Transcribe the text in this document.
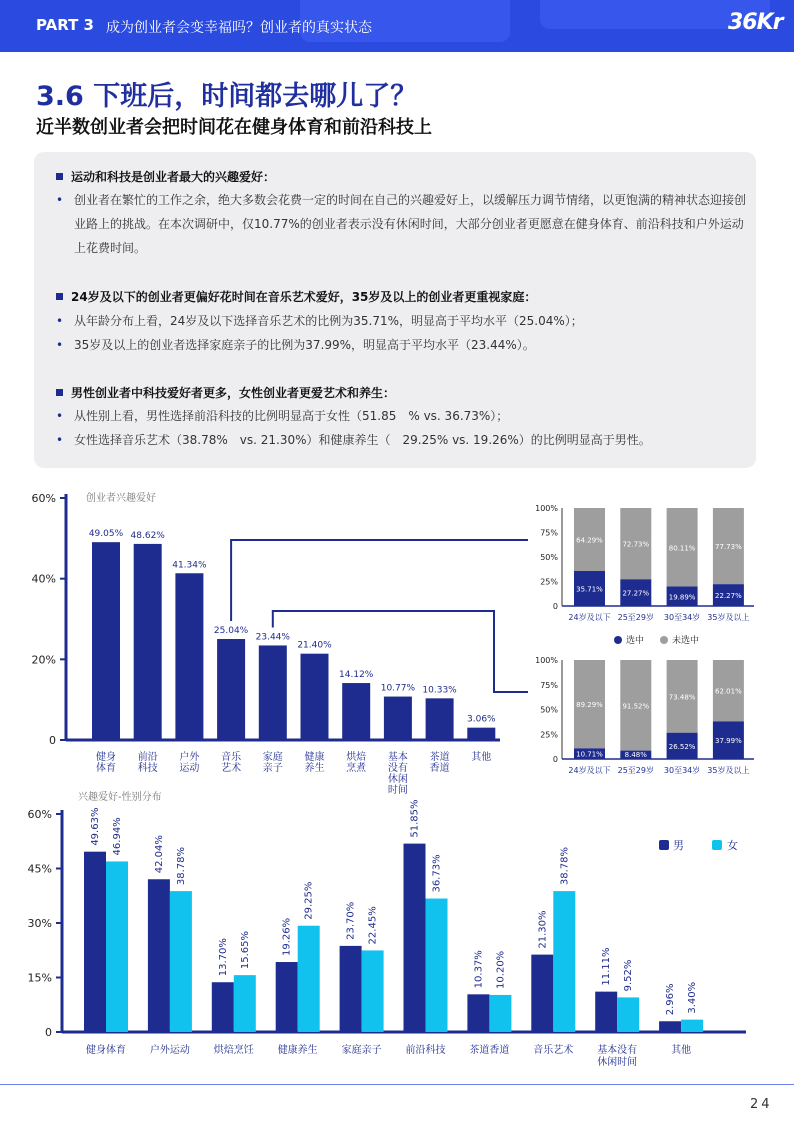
PART 3 成为创业者会变幸福吗？创业者的真实状态	36Kr
3.6 下班后，时间都去哪儿了？
近半数创业者会把时间花在健身体育和前沿科技上
运动和科技是创业者最大的兴趣爱好：
• 创业者在繁忙的工作之余，绝大多数会花费一定的时间在自己的兴趣爱好上，以缓解压力调节情绪，以更饱满的精神状态迎接创业路上的挑战。在本次调研中，仅10.77%的创业者表示没有休闲时间，大部分创业者更愿意在健身体育、前沿科技和户外运动上花费时间。
24岁及以下的创业者更偏好花时间在音乐艺术爱好，35岁及以上的创业者更重视家庭：
• 从年龄分布上看，24岁及以下选择音乐艺术的比例为35.71%，明显高于平均水平（25.04%）；
• 35岁及以上的创业者选择家庭亲子的比例为37.99%，明显高于平均水平（23.44%）。
男性创业者中科技爱好者更多，女性创业者更爱艺术和养生：
• 从性别上看，男性选择前沿科技的比例明显高于女性（51.85　% vs. 36.73%）；
• 女性选择音乐艺术（38.78%　vs. 21.30%）和健康养生（　29.25% vs. 19.26%）的比例明显高于男性。
0
20%
40%
60%	创业者兴趣爱好
49.05%
健身体育
48.62%
前沿科技
41.34%
户外运动
25.04%
音乐艺术
23.44%
家庭亲子
21.40%
健康养生
14.12%
烘焙烹煮
10.77%
基本没有休闲时间
10.33%
茶道香道
3.06%
其他
0
25%
50%
75%
100%
64.29%
35.71%
24岁及以下
72.73%
27.27%
25至29岁
80.11%
19.89%
30至34岁
77.73%
22.27%
35岁及以上
选中	未选中
0
25%
50%
75%
100%
89.29%
10.71%
24岁及以下
91.52%
8.48%
25至29岁
73.48%
26.52%
30至34岁
62.01%
37.99%
35岁及以上
0
15%
30%
45%
60%
兴趣爱好-性别分布
49.63% 46.94%
健身体育
42.04% 38.78%
户外运动
13.70% 15.65%
烘焙烹饪
19.26%
29.25%
健康养生
23.70% 22.45%
家庭亲子
51.85%
36.73%
前沿科技
10.37% 10.20%
茶道香道
21.30%
38.78%
音乐艺术
11.11% 9.52%
基本没有休闲时间
2.96% 3.40%
其他
男	女
24
